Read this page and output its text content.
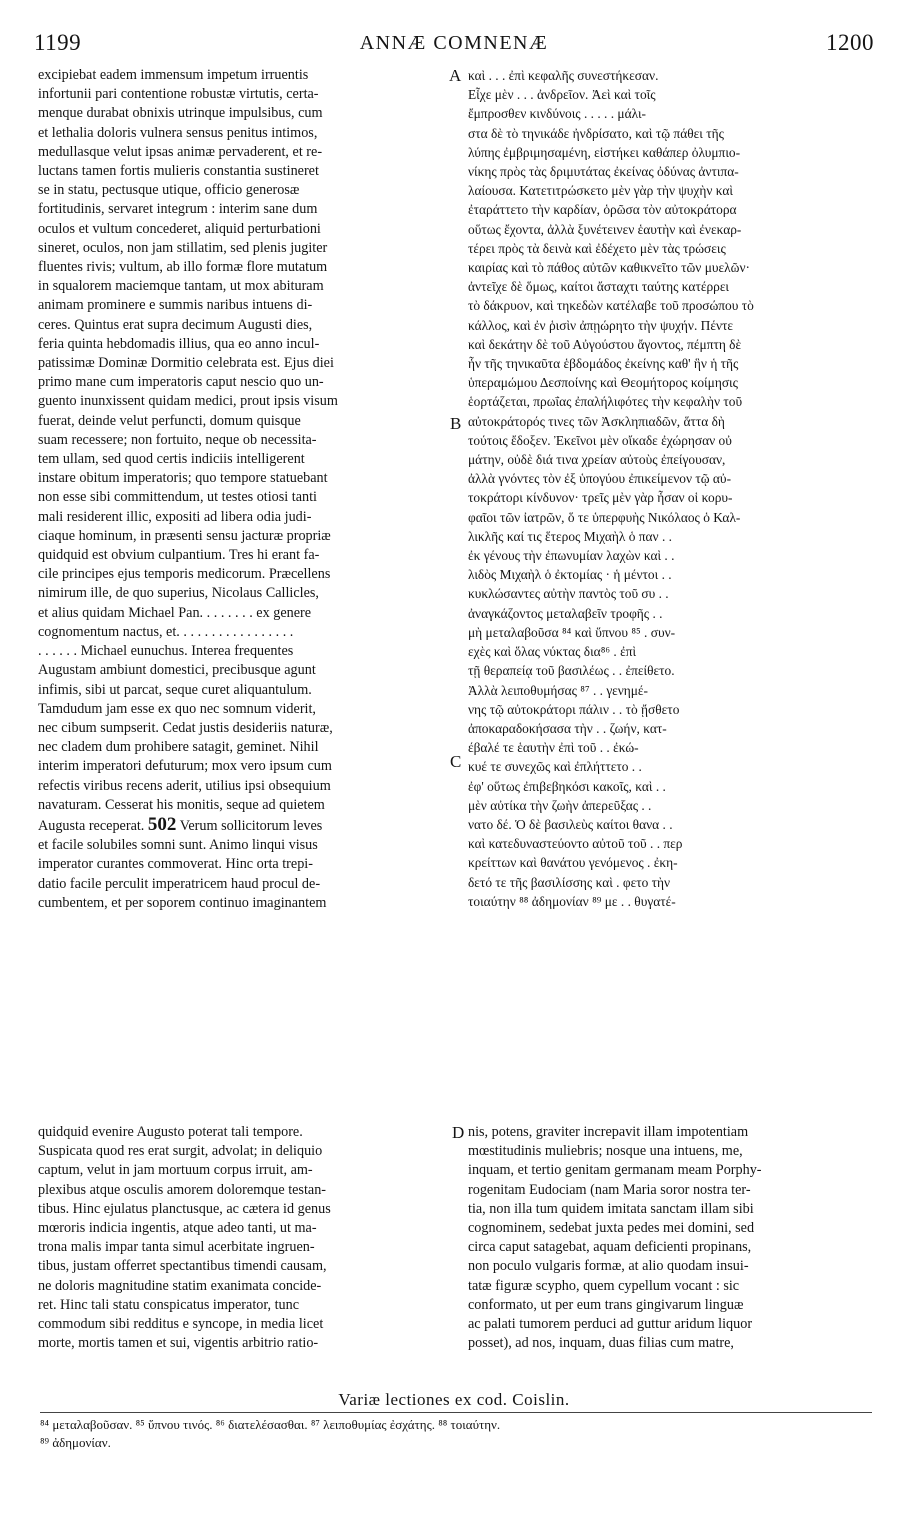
1199	ANNÆ COMNENÆ	1200
excipiebat eadem immensum impetum irruentis
infortunii pari contentione robustæ virtutis, certa-
menque durabat obnixis utrinque impulsibus, cum
et lethalia doloris vulnera sensus penitus intimos,
medullasque velut ipsas animæ pervaderent, et re-
luctans tamen fortis mulieris constantia sustineret
se in statu, pectusque utique, officio generosæ
fortitudinis, servaret integrum : interim sane dum
oculos et vultum concederet, aliquid perturbationi
sineret, oculos, non jam stillatim, sed plenis jugiter
fluentes rivis; vultum, ab illo formæ flore mutatum
in squalorem maciemque tantam, ut mox abituram
animam prominere e summis naribus intuens di-
ceres. Quintus erat supra decimum Augusti dies,
feria quinta hebdomadis illius, qua eo anno incul-
patissimæ Dominæ Dormitio celebrata est. Ejus diei
primo mane cum imperatoris caput nescio quo un-
guento inunxissent quidam medici, prout ipsis visum
fuerat, deinde velut perfuncti, domum quisque
suam recessere; non fortuito, neque ob necessita-
tem ullam, sed quod certis indiciis intelligerent
instare obitum imperatoris; quo tempore statuebant
non esse sibi committendum, ut testes otiosi tanti
mali residerent illic, expositi ad libera odia judi-
ciaque hominum, in præsenti sensu jacturæ propriæ
quidquid est obvium culpantium. Tres hi erant fa-
cile principes ejus temporis medicorum. Præcellens
nimirum ille, de quo superius, Nicolaus Callicles,
et alius quidam Michael Pan. . . . . . . . ex genere
cognomentum nactus, et. . . . . . . . . . . . . . . . .
. . . . . . Michael eunuchus. Interea frequentes
Augustam ambiunt domestici, precibusque agunt
infimis, sibi ut parcat, seque curet aliquantulum.
Tamdudum jam esse ex quo nec somnum viderit,
nec cibum sumpserit. Cedat justis desideriis naturæ,
nec cladem dum prohibere satagit, geminet. Nihil
interim imperatori defuturum; mox vero ipsum cum
refectis viribus recens aderit, utilius ipsi obsequium
navaturam. Cesserat his monitis, seque ad quietem
Augusta receperat. 502 Verum sollicitorum leves
et facile solubiles somni sunt. Animo linqui visus
imperator curantes commoverat. Hinc orta trepi-
datio facile perculit imperatricem haud procul de-
cumbentem, et per soporem continuo imaginantem
καὶ . . . ἐπὶ κεφαλῆς συνεστήκεσαν.
Εἶχε μὲν . . . ἀνδρεῖον. Ἀεὶ καὶ τοῖς
ἔμπροσθεν κινδύνοις . . . . . μάλι-
στα δὲ τὸ τηνικάδε ἠνδρίσατο, καὶ τῷ πάθει τῆς
λύπης ἐμβριμησαμένη, εἱστήκει καθάπερ ὀλυμπιο-
νίκης πρὸς τὰς δριμυτάτας ἐκείνας ὀδύνας ἀντιπα-
λαίουσα. Κατετιτρώσκετο μὲν γὰρ τὴν ψυχὴν καὶ
ἐταράττετο τὴν καρδίαν, ὁρῶσα τὸν αὐτοκράτορα
οὕτως ἔχοντα, ἀλλὰ ξυνέτεινεν ἑαυτὴν καὶ ἐνεκαρ-
τέρει πρὸς τὰ δεινὰ καὶ ἐδέχετο μὲν τὰς τρώσεις
καιρίας καὶ τὸ πάθος αὐτῶν καθικνεῖτο τῶν μυελῶν·
ἀντεῖχε δὲ ὅμως, καίτοι ἄσταχτι ταύτης κατέρρει
τὸ δάκρυον, καὶ τηκεδὼν κατέλαβε τοῦ προσώπου τὸ
κάλλος, καὶ ἐν ῥισὶν ἀπῃώρητο τὴν ψυχήν. Πέντε
καὶ δεκάτην δὲ τοῦ Αὐγούστου ἄγοντος, πέμπτη δὲ
ἦν τῆς τηνικαῦτα ἑβδομάδος ἐκείνης καθ' ἣν ἡ τῆς
ὑπεραμώμου Δεσποίνης καὶ Θεομήτορος κοίμησις
ἑορτάζεται, πρωΐας ἐπαλήλιφότες τὴν κεφαλὴν τοῦ
αὐτοκράτορός τινες τῶν Ἀσκληπιαδῶν, ἅττα δὴ
τούτοις ἔδοξεν. Ἐκεῖνοι μὲν οἴκαδε ἐχώρησαν οὐ
μάτην, οὐδὲ διά τινα χρείαν αὐτοὺς ἐπείγουσαν,
ἀλλὰ γνόντες τὸν ἐξ ὑπογύου ἐπικείμενον τῷ αὐ-
τοκράτορι κίνδυνον· τρεῖς μὲν γὰρ ἦσαν οἱ κορυ-
φαῖοι τῶν ἰατρῶν, ὅ τε ὑπερφυὴς Νικόλαος ὁ Καλ-
λικλῆς καί τις ἕτερος Μιχαὴλ ὁ παν . .
ἐκ γένους τὴν ἐπωνυμίαν λαχὼν καὶ . .
λιδὸς Μιχαὴλ ὁ ἐκτομίας · ἡ μέντοι . .
κυκλώσαντες αὐτὴν παντὸς τοῦ συ . .
ἀναγκάζοντος μεταλαβεῖν τροφῆς . .
μὴ μεταλαβοῦσα ⁸⁴ καὶ ὕπνου ⁸⁵ . συν-
εχὲς καὶ ὅλας νύκτας δια⁸⁶ . ἐπὶ
τῇ θεραπείᾳ τοῦ βασιλέως . . ἐπείθετο.
Ἀλλὰ λειποθυμήσας ⁸⁷ . . γενημέ-
νης τῷ αὐτοκράτορι πάλιν . . τὸ ᾔσθετο
ἀποκαραδοκήσασα τὴν . . ζωήν, κατ-
έβαλέ τε ἑαυτὴν ἐπὶ τοῦ . . ἐκώ-
κυέ τε συνεχῶς καὶ ἐπλήττετο . .
ἐφ' οὕτως ἐπιβεβηκόσι κακοῖς, καὶ . .
μὲν αὐτίκα τὴν ζωὴν ἀπερεῦξας . .
νατο δέ. Ὁ δὲ βασιλεὺς καίτοι θανα . .
καὶ κατεδυναστεύοντο αὐτοῦ τοῦ . . περ
κρείττων καὶ θανάτου γενόμενος . ἐκη-
δετό τε τῆς βασιλίσσης καὶ . φετο τὴν
τοιαύτην ⁸⁸ ἀδημονίαν ⁸⁹ με . . θυγατέ-
quidquid evenire Augusto poterat tali tempore.
Suspicata quod res erat surgit, advolat; in deliquio
captum, velut in jam mortuum corpus irruit, am-
plexibus atque osculis amorem doloremque testan-
tibus. Hinc ejulatus planctusque, ac cætera id genus
mœroris indicia ingentis, atque adeo tanti, ut ma-
trona malis impar tanta simul acerbitate ingruen-
tibus, justam offerret spectantibus timendi causam,
ne doloris magnitudine statim exanimata concide-
ret. Hinc tali statu conspicatus imperator, tunc
commodum sibi redditus e syncope, in media licet
morte, mortis tamen et sui, vigentis arbitrio ratio-
nis, potens, graviter increpavit illam impotentiam
mœstitudinis muliebris; nosque una intuens, me,
inquam, et tertio genitam germanam meam Porphy-
rogenitam Eudociam (nam Maria soror nostra ter-
tia, non illa tum quidem imitata sanctam illam sibi
cognominem, sedebat juxta pedes mei domini, sed
circa caput satagebat, aquam deficienti propinans,
non poculo vulgaris formæ, at alio quodam insui-
tatæ figuræ scypho, quem cypellum vocant : sic
conformato, ut per eum trans gingivarum linguæ
ac palati tumorem perduci ad guttur aridum liquor
posset), ad nos, inquam, duas filias cum matre,
A
B
C
D
Variæ lectiones ex cod. Coislin.
⁸⁴ μεταλαβοῦσαν. ⁸⁵ ὕπνου τινός. ⁸⁶ διατελέσασθαι. ⁸⁷ λειποθυμίας ἐσχάτης. ⁸⁸ τοιαύτην.
⁸⁹ ἀδημονίαν.
